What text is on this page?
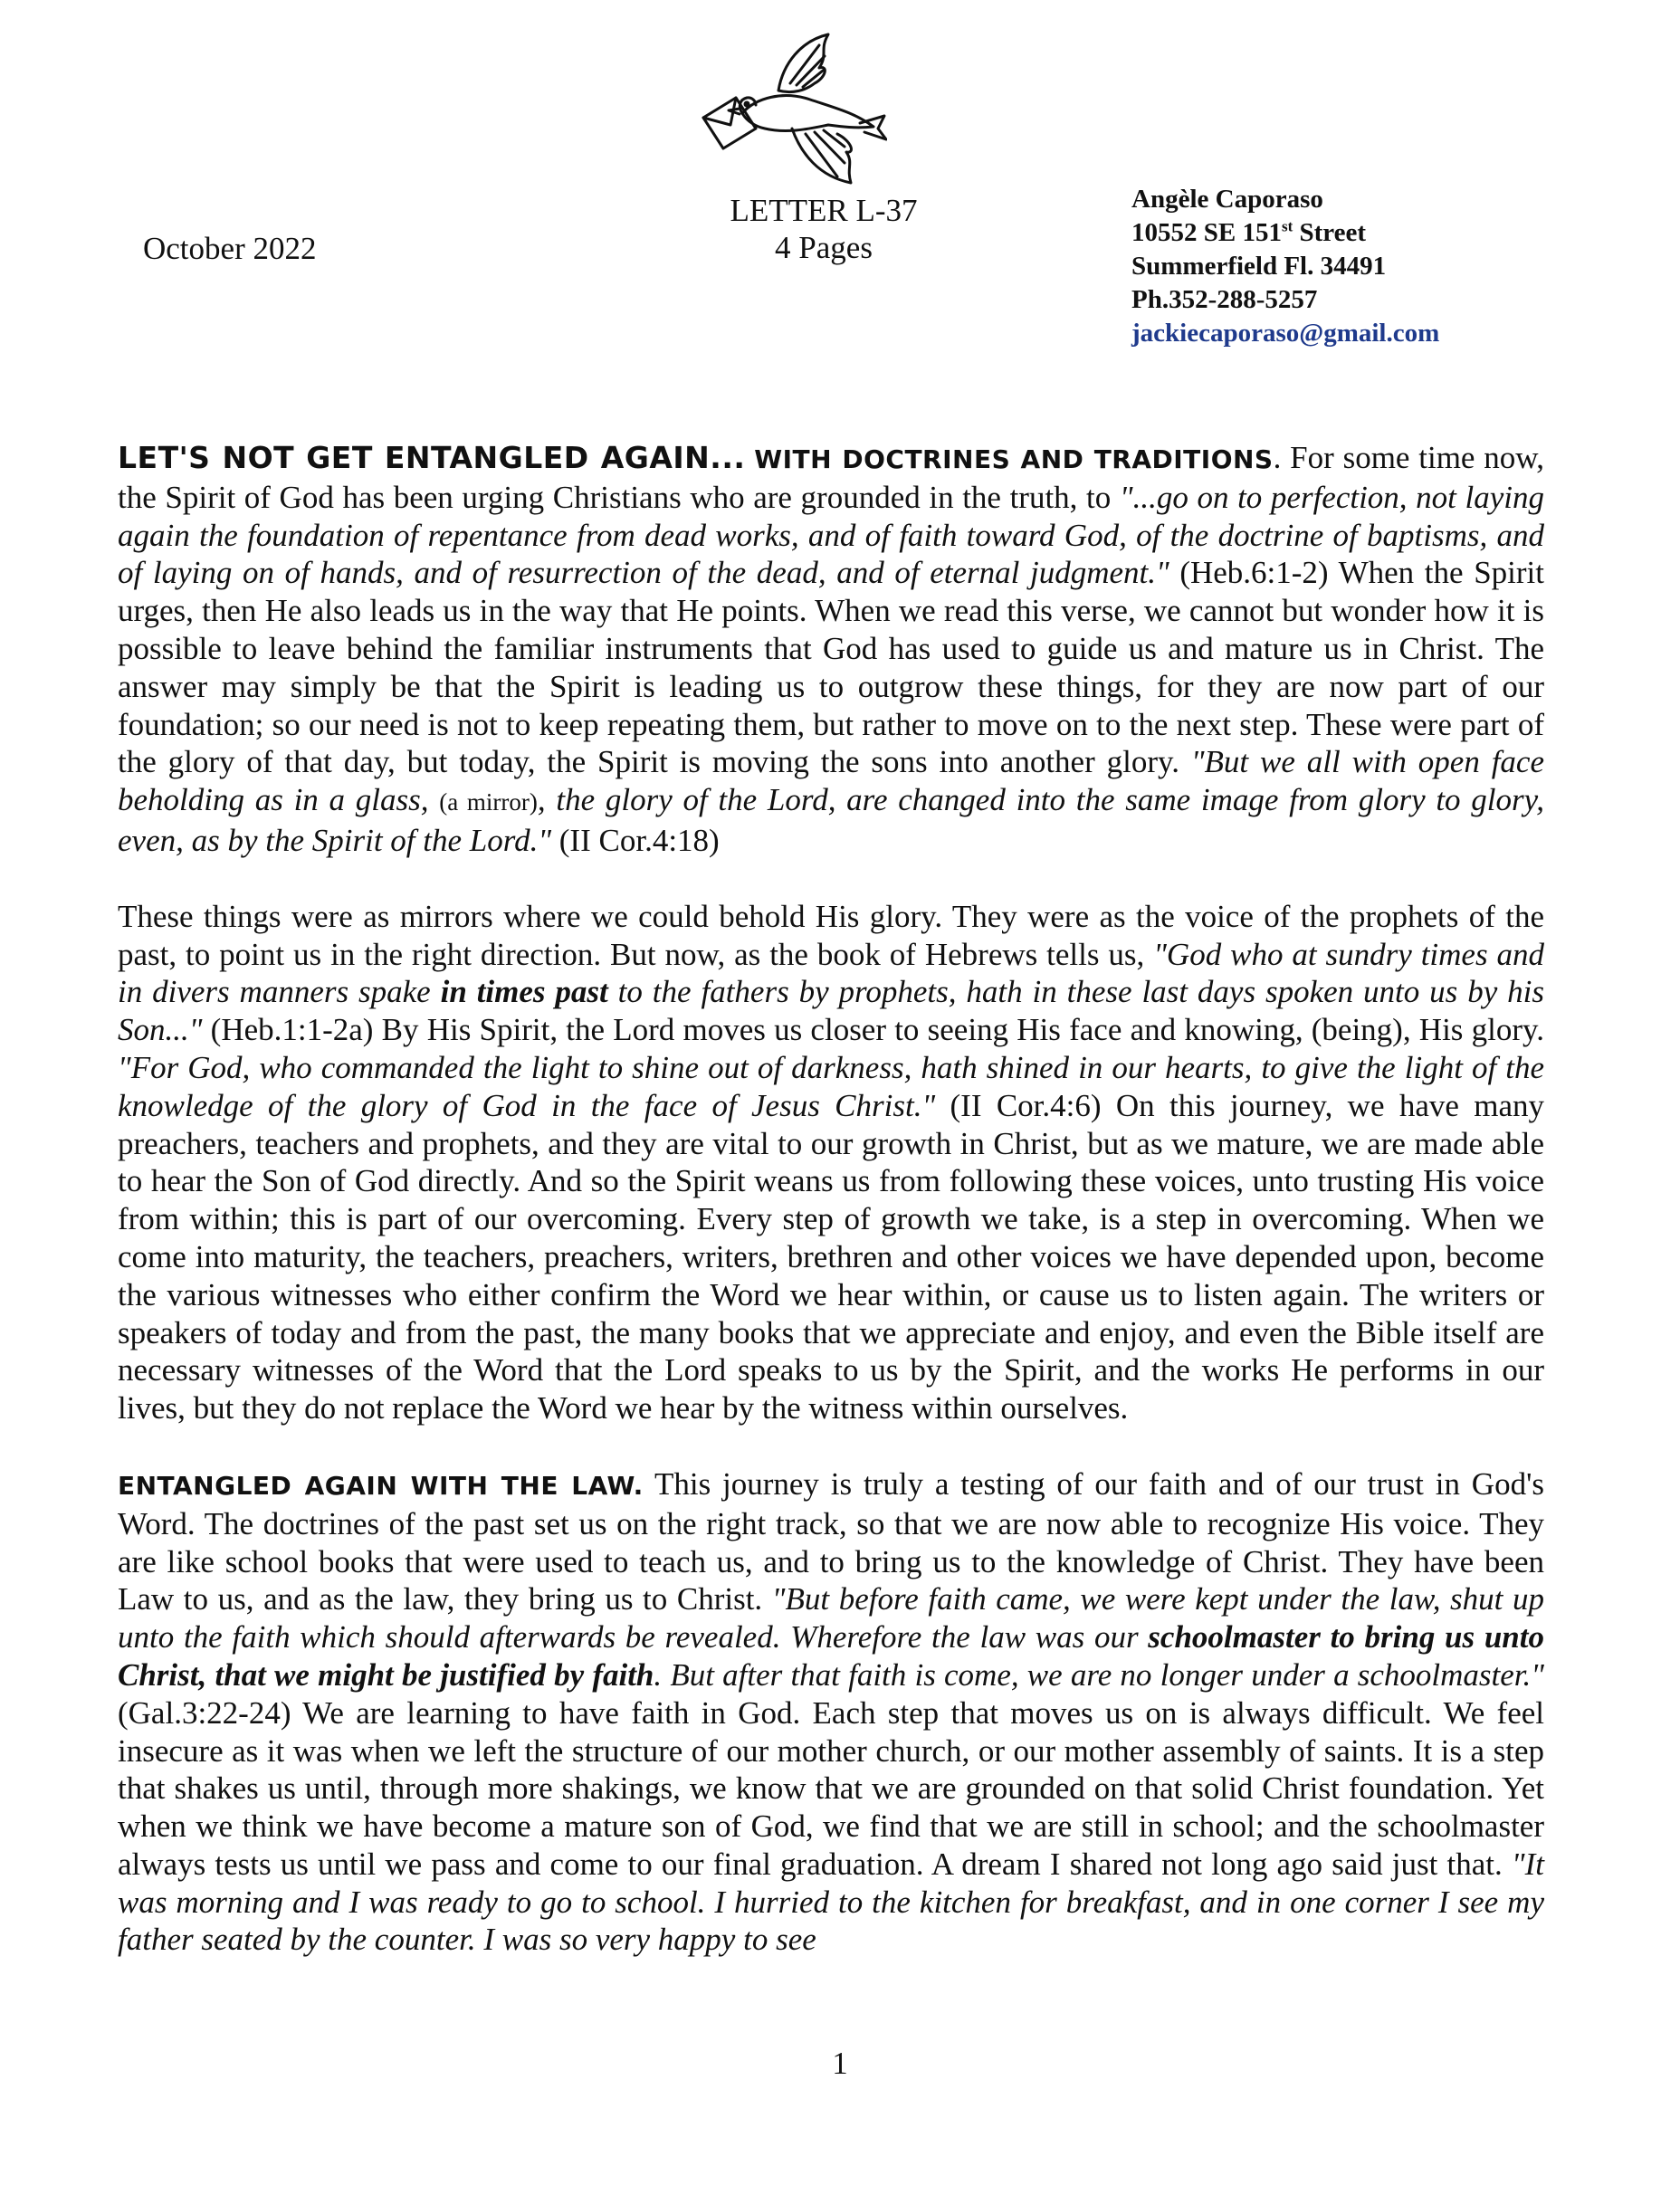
October 2022
LETTER L-37
4 Pages
Angèle Caporaso
10552 SE 151st Street
Summerfield Fl. 34491
Ph.352-288-5257
jackiecaporaso@gmail.com

LET'S NOT GET ENTANGLED AGAIN... WITH DOCTRINES AND TRADITIONS. For some time now, the Spirit of God has been urging Christians who are grounded in the truth, to "...go on to perfection, not laying again the foundation of repentance from dead works, and of faith toward God, of the doctrine of baptisms, and of laying on of hands, and of resurrection of the dead, and of eternal judgment." (Heb.6:1-2) When the Spirit urges, then He also leads us in the way that He points. When we read this verse, we cannot but wonder how it is possible to leave behind the familiar instruments that God has used to guide us and mature us in Christ. The answer may simply be that the Spirit is leading us to outgrow these things, for they are now part of our foundation; so our need is not to keep repeating them, but rather to move on to the next step. These were part of the glory of that day, but today, the Spirit is moving the sons into another glory. "But we all with open face beholding as in a glass, (a mirror), the glory of the Lord, are changed into the same image from glory to glory, even, as by the Spirit of the Lord." (II Cor.4:18)

These things were as mirrors where we could behold His glory. They were as the voice of the prophets of the past, to point us in the right direction. But now, as the book of Hebrews tells us, "God who at sundry times and in divers manners spake in times past to the fathers by prophets, hath in these last days spoken unto us by his Son..." (Heb.1:1-2a) By His Spirit, the Lord moves us closer to seeing His face and knowing, (being), His glory. "For God, who commanded the light to shine out of darkness, hath shined in our hearts, to give the light of the knowledge of the glory of God in the face of Jesus Christ." (II Cor.4:6) On this journey, we have many preachers, teachers and prophets, and they are vital to our growth in Christ, but as we mature, we are made able to hear the Son of God directly. And so the Spirit weans us from following these voices, unto trusting His voice from within; this is part of our overcoming. Every step of growth we take, is a step in overcoming. When we come into maturity, the teachers, preachers, writers, brethren and other voices we have depended upon, become the various witnesses who either confirm the Word we hear within, or cause us to listen again. The writers or speakers of today and from the past, the many books that we appreciate and enjoy, and even the Bible itself are necessary witnesses of the Word that the Lord speaks to us by the Spirit, and the works He performs in our lives, but they do not replace the Word we hear by the witness within ourselves.

ENTANGLED AGAIN WITH THE LAW. This journey is truly a testing of our faith and of our trust in God's Word. The doctrines of the past set us on the right track, so that we are now able to recognize His voice. They are like school books that were used to teach us, and to bring us to the knowledge of Christ. They have been Law to us, and as the law, they bring us to Christ. "But before faith came, we were kept under the law, shut up unto the faith which should afterwards be revealed. Wherefore the law was our schoolmaster to bring us unto Christ, that we might be justified by faith. But after that faith is come, we are no longer under a schoolmaster." (Gal.3:22-24) We are learning to have faith in God. Each step that moves us on is always difficult. We feel insecure as it was when we left the structure of our mother church, or our mother assembly of saints. It is a step that shakes us until, through more shakings, we know that we are grounded on that solid Christ foundation. Yet when we think we have become a mature son of God, we find that we are still in school; and the schoolmaster always tests us until we pass and come to our final graduation. A dream I shared not long ago said just that. "It was morning and I was ready to go to school. I hurried to the kitchen for breakfast, and in one corner I see my father seated by the counter. I was so very happy to see

1
